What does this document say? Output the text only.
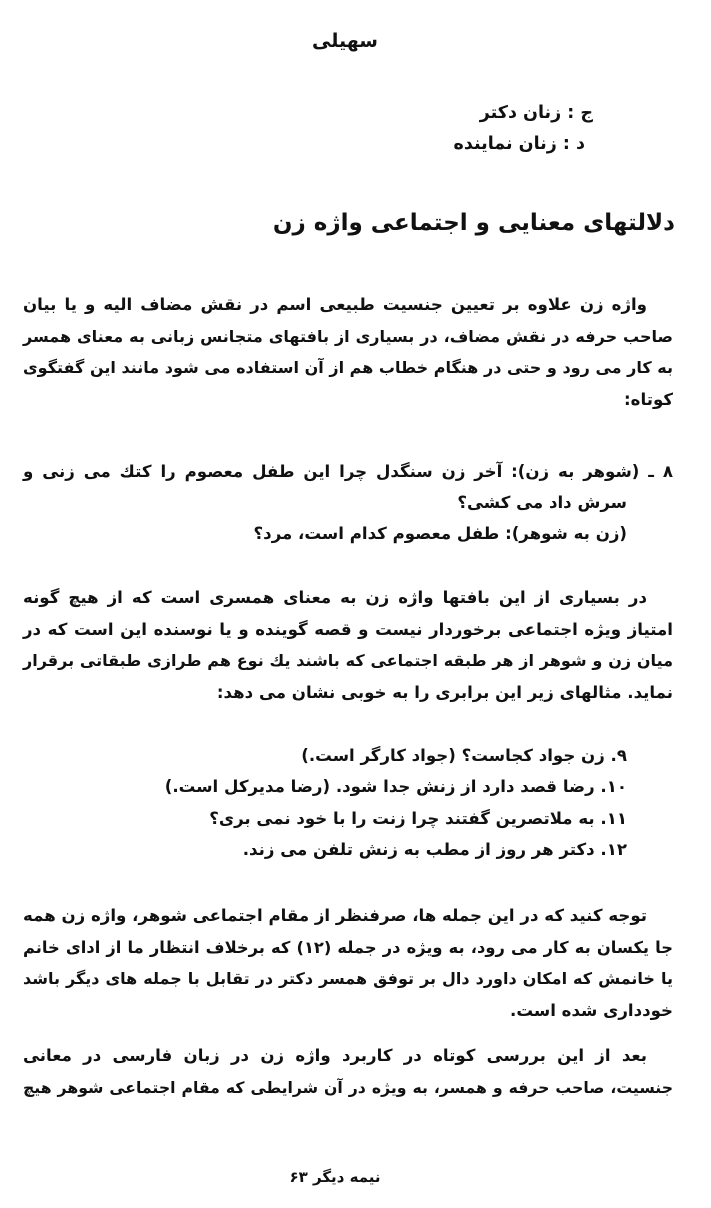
سهیلی
ج : زنان دکتر
د : زنان نماینده
دلالتهای معنایی و اجتماعی واژه زن
واژه زن علاوه بر تعیین جنسیت طبیعی اسم در نقش مضاف الیه و یا بیان
صاحب حرفه در نقش مضاف، در بسیاری از بافتهای متجانس زبانی به معنای همسر
به کار می رود و حتی در هنگام خطاب هم از آن استفاده می شود مانند این گفتگوی
کوتاه:
۸ ـ (شوهر به زن): آخر زن سنگدل چرا این طفل معصوم را کتك می زنی و
سرش داد می کشی؟
(زن به شوهر): طفل معصوم کدام است، مرد؟
در بسیاری از این بافتها واژه زن به معنای همسری است که از هیچ گونه
امتیاز ویژه اجتماعی برخوردار نیست و قصه گوینده و یا نوسنده این است که در
میان زن و شوهر از هر طبقه اجتماعی که باشند یك نوع هم طرازی طبقاتی برقرار
نماید. مثالهای زیر این برابری را به خوبی نشان می دهد:
۹. زن جواد کجاست؟ (جواد کارگر است.)
۱۰. رضا قصد دارد از زنش جدا شود. (رضا مدیرکل است.)
۱۱. به ملاتصرین گفتند چرا زنت را با خود نمی بری؟
۱۲. دکتر هر روز از مطب به زنش تلفن می زند.
توجه کنید که در این جمله ها، صرفنظر از مقام اجتماعی شوهر، واژه زن همه
جا یکسان به کار می رود، به ویژه در جمله (۱۲) که برخلاف انتظار ما از ادای خانم
یا خانمش که امکان داورد دال بر توفق همسر دکتر در تقابل با جمله های دیگر باشد
خودداری شده است.
بعد از این بررسی کوتاه در کاربرد واژه زن در زبان فارسی در معانی
جنسیت، صاحب حرفه و همسر، به ویژه در آن شرایطی که مقام اجتماعی شوهر هیچ
نیمه دیگر ۶۳
